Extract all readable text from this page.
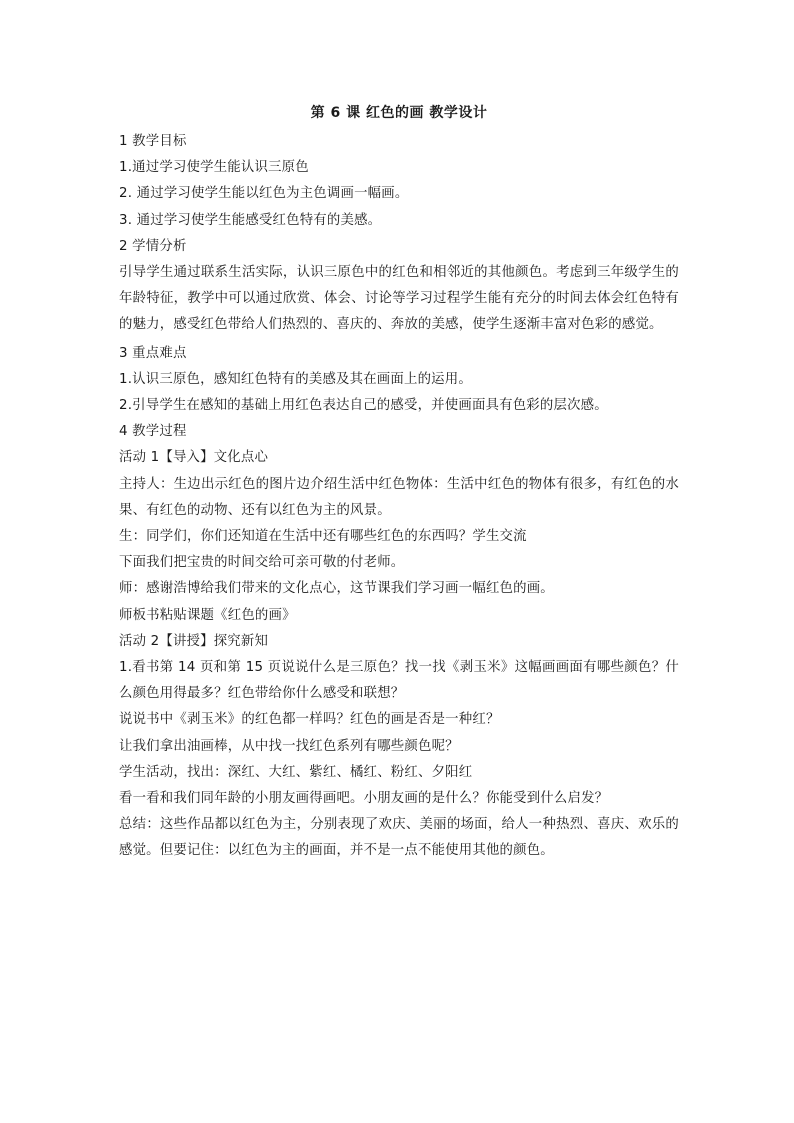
第 6 课 红色的画 教学设计

1 教学目标

1.通过学习使学生能认识三原色

2. 通过学习使学生能以红色为主色调画一幅画。

3. 通过学习使学生能感受红色特有的美感。

2 学情分析

引导学生通过联系生活实际，认识三原色中的红色和相邻近的其他颜色。考虑到三年级学生的年龄特征，教学中可以通过欣赏、体会、讨论等学习过程学生能有充分的时间去体会红色特有的魅力，感受红色带给人们热烈的、喜庆的、奔放的美感，使学生逐渐丰富对色彩的感觉。

3 重点难点

1.认识三原色，感知红色特有的美感及其在画面上的运用。

2.引导学生在感知的基础上用红色表达自己的感受，并使画面具有色彩的层次感。

4 教学过程

活动 1【导入】文化点心

主持人：生边出示红色的图片边介绍生活中红色物体：生活中红色的物体有很多，有红色的水果、有红色的动物、还有以红色为主的风景。

生：同学们，你们还知道在生活中还有哪些红色的东西吗？学生交流

下面我们把宝贵的时间交给可亲可敬的付老师。

师：感谢浩博给我们带来的文化点心，这节课我们学习画一幅红色的画。

师板书粘贴课题《红色的画》

活动 2【讲授】探究新知

1.看书第 14 页和第 15 页说说什么是三原色？找一找《剥玉米》这幅画画面有哪些颜色？什么颜色用得最多？红色带给你什么感受和联想？

说说书中《剥玉米》的红色都一样吗？红色的画是否是一种红？

让我们拿出油画棒，从中找一找红色系列有哪些颜色呢？

学生活动，找出：深红、大红、紫红、橘红、粉红、夕阳红

看一看和我们同年龄的小朋友画得画吧。小朋友画的是什么？你能受到什么启发？

总结：这些作品都以红色为主，分别表现了欢庆、美丽的场面，给人一种热烈、喜庆、欢乐的感觉。但要记住：以红色为主的画面，并不是一点不能使用其他的颜色。
